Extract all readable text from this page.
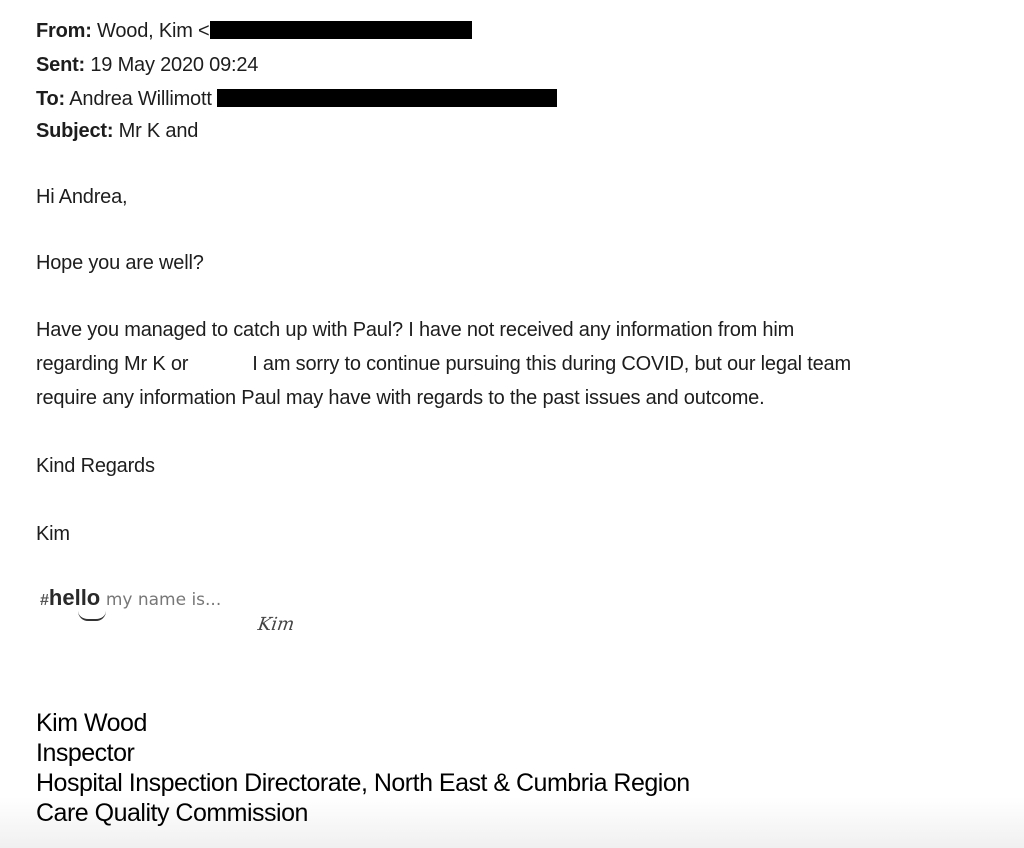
From: Wood, Kim <
Sent: 19 May 2020 09:24
To: Andrea Willimott
Subject: Mr K and
Hi Andrea,
Hope you are well?
Have you managed to catch up with Paul? I have not received any information from him
regarding Mr K or	I am sorry to continue pursuing this during COVID, but our legal team
require any information Paul may have with regards to the past issues and outcome.
Kind Regards
Kim
#hello my name is...
Kim
Kim Wood
Inspector
Hospital Inspection Directorate, North East & Cumbria Region
Care Quality Commission
